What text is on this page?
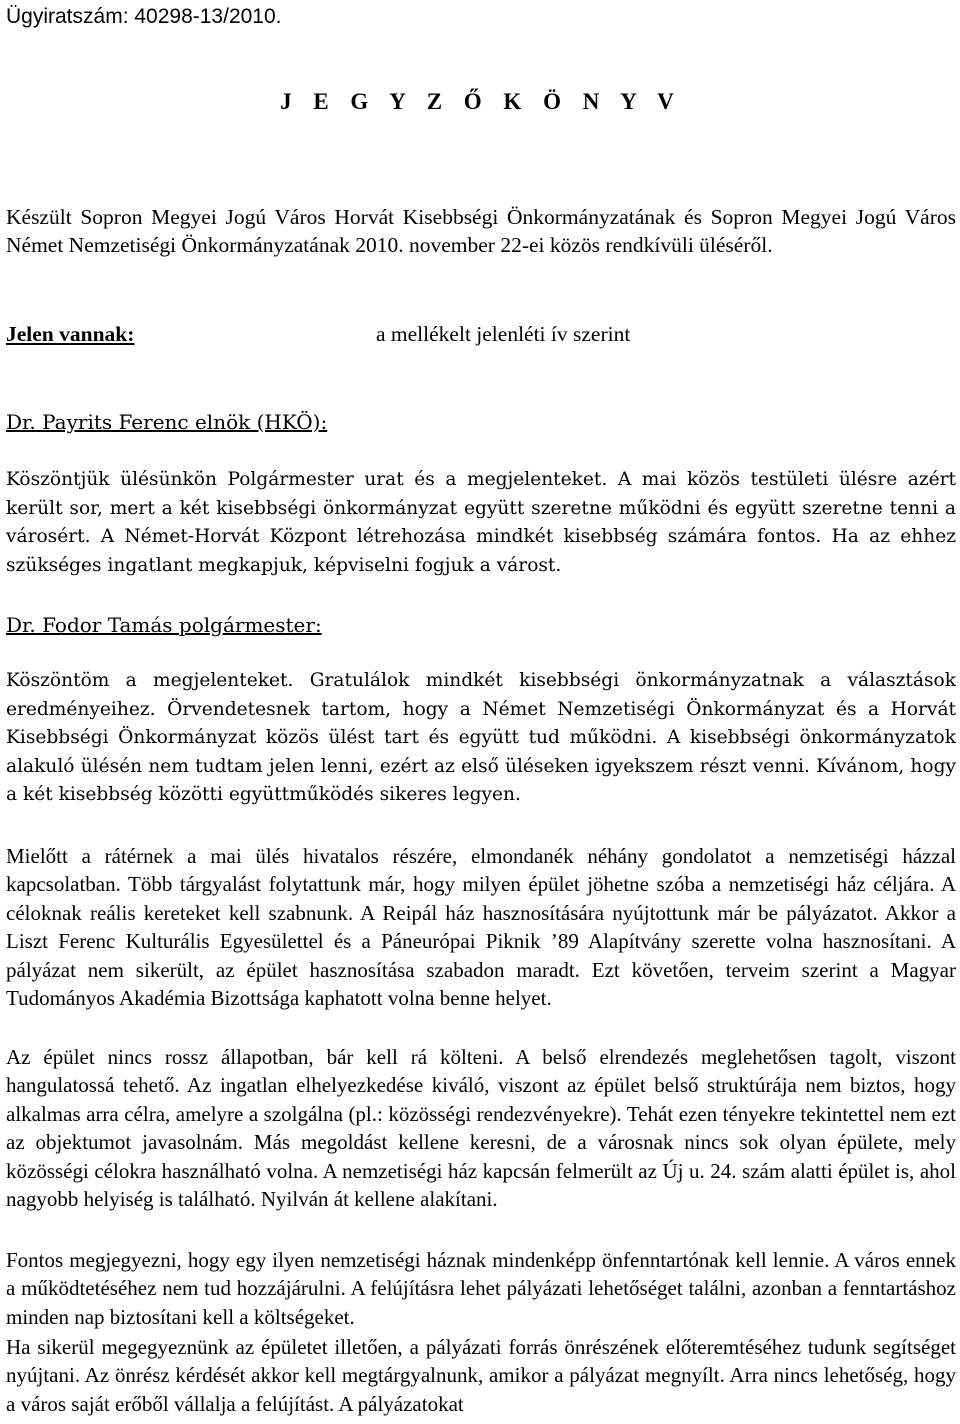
Ügyiratszám: 40298-13/2010.
J E G Y Z Ő K Ö N Y V

Készült Sopron Megyei Jogú Város Horvát Kisebbségi Önkormányzatának és Sopron Megyei Jogú Város Német Nemzetiségi Önkormányzatának 2010. november 22-ei közös rendkívüli üléséről.

Jelen vannak:	a mellékelt jelenléti ív szerint
Dr. Payrits Ferenc elnök (HKÖ):

Köszöntjük ülésünkön Polgármester urat és a megjelenteket. A mai közös testületi ülésre azért került sor, mert a két kisebbségi önkormányzat együtt szeretne működni és együtt szeretne tenni a városért. A Német-Horvát Központ létrehozása mindkét kisebbség számára fontos. Ha az ehhez szükséges ingatlant megkapjuk, képviselni fogjuk a várost.

Dr. Fodor Tamás polgármester:

Köszöntöm a megjelenteket. Gratulálok mindkét kisebbségi önkormányzatnak a választások eredményeihez. Örvendetesnek tartom, hogy a Német Nemzetiségi Önkormányzat és a Horvát Kisebbségi Önkormányzat közös ülést tart és együtt tud működni. A kisebbségi önkormányzatok alakuló ülésén nem tudtam jelen lenni, ezért az első üléseken igyekszem részt venni. Kívánom, hogy a két kisebbség közötti együttműködés sikeres legyen.

Mielőtt a rátérnek a mai ülés hivatalos részére, elmondanék néhány gondolatot a nemzetiségi házzal kapcsolatban. Több tárgyalást folytattunk már, hogy milyen épület jöhetne szóba a nemzetiségi ház céljára. A céloknak reális kereteket kell szabnunk. A Reipál ház hasznosítására nyújtottunk már be pályázatot. Akkor a Liszt Ferenc Kulturális Egyesülettel és a Páneurópai Piknik ’89 Alapítvány szerette volna hasznosítani. A pályázat nem sikerült, az épület hasznosítása szabadon maradt. Ezt követően, terveim szerint a Magyar Tudományos Akadémia Bizottsága kaphatott volna benne helyet.

Az épület nincs rossz állapotban, bár kell rá költeni. A belső elrendezés meglehetősen tagolt, viszont hangulatossá tehető. Az ingatlan elhelyezkedése kiváló, viszont az épület belső struktúrája nem biztos, hogy alkalmas arra célra, amelyre a szolgálna (pl.: közösségi rendezvényekre). Tehát ezen tényekre tekintettel nem ezt az objektumot javasolnám. Más megoldást kellene keresni, de a városnak nincs sok olyan épülete, mely közösségi célokra használható volna. A nemzetiségi ház kapcsán felmerült az Új u. 24. szám alatti épület is, ahol nagyobb helyiség is található. Nyilván át kellene alakítani.

Fontos megjegyezni, hogy egy ilyen nemzetiségi háznak mindenképp önfenntartónak kell lennie. A város ennek a működtetéséhez nem tud hozzájárulni. A felújításra lehet pályázati lehetőséget találni, azonban a fenntartáshoz minden nap biztosítani kell a költségeket.

Ha sikerül megegyeznünk az épületet illetően, a pályázati forrás önrészének előteremtéséhez tudunk segítséget nyújtani. Az önrész kérdését akkor kell megtárgyalnunk, amikor a pályázat megnyílt. Arra nincs lehetőség, hogy a város saját erőből vállalja a felújítást. A pályázatokat
